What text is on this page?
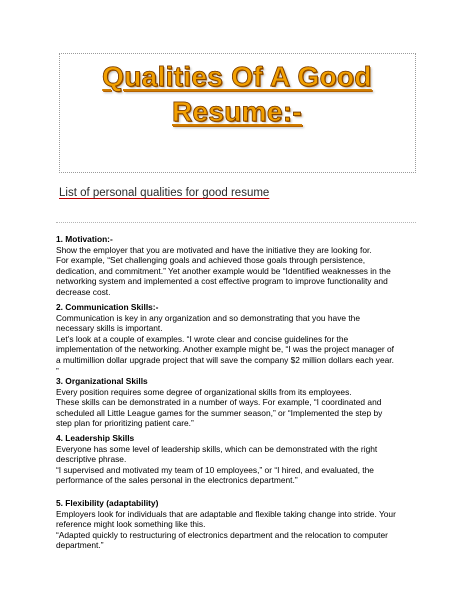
Qualities Of A Good
Resume:-
List of personal qualities for good resume
1. Motivation:-
Show the employer that you are motivated and have the initiative they are looking for.
For example, “Set challenging goals and achieved those goals through persistence,
dedication, and commitment.” Yet another example would be “Identified weaknesses in the
networking system and implemented a cost effective program to improve functionality and
decrease cost.
2. Communication Skills:-
Communication is key in any organization and so demonstrating that you have the
necessary skills is important.
Let’s look at a couple of examples. “I wrote clear and concise guidelines for the
implementation of the networking. Another example might be, “I was the project manager of
a multimillion dollar upgrade project that will save the company $2 million dollars each year.
”
3. Organizational Skills
Every position requires some degree of organizational skills from its employees.
These skills can be demonstrated in a number of ways. For example, “I coordinated and
scheduled all Little League games for the summer season,” or “Implemented the step by
step plan for prioritizing patient care.”
4. Leadership Skills
Everyone has some level of leadership skills, which can be demonstrated with the right
descriptive phrase.
“I supervised and motivated my team of 10 employees,” or “I hired, and evaluated, the
performance of the sales personal in the electronics department.”
5. Flexibility (adaptability)
Employers look for individuals that are adaptable and flexible taking change into stride. Your
reference might look something like this.
“Adapted quickly to restructuring of electronics department and the relocation to computer
department.”
